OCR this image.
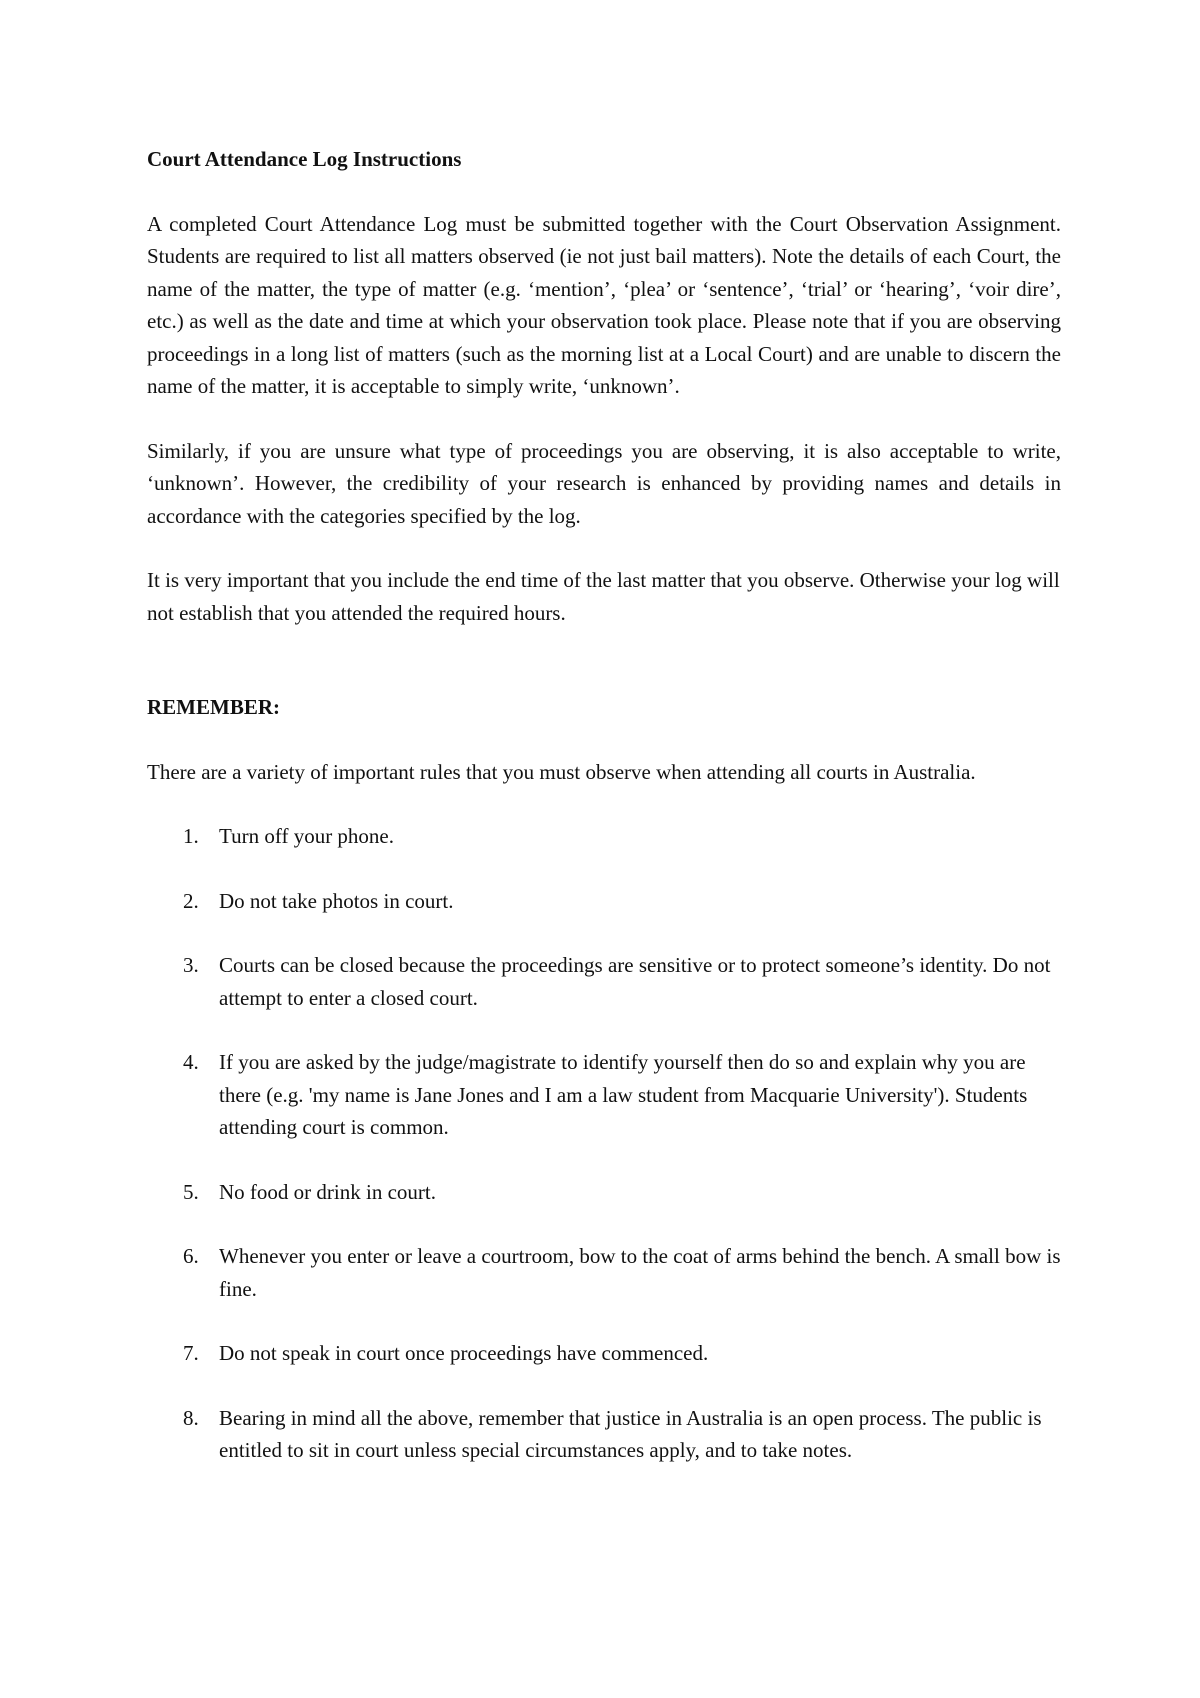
Court Attendance Log Instructions

A completed Court Attendance Log must be submitted together with the Court Observation Assignment. Students are required to list all matters observed (ie not just bail matters). Note the details of each Court, the name of the matter, the type of matter (e.g. ‘mention’, ‘plea’ or ‘sentence’, ‘trial’ or ‘hearing’, ‘voir dire’, etc.) as well as the date and time at which your observation took place. Please note that if you are observing proceedings in a long list of matters (such as the morning list at a Local Court) and are unable to discern the name of the matter, it is acceptable to simply write, ‘unknown’.

Similarly, if you are unsure what type of proceedings you are observing, it is also acceptable to write, ‘unknown’. However, the credibility of your research is enhanced by providing names and details in accordance with the categories specified by the log.

It is very important that you include the end time of the last matter that you observe. Otherwise your log will not establish that you attended the required hours.

REMEMBER:

There are a variety of important rules that you must observe when attending all courts in Australia.

1. Turn off your phone.
2. Do not take photos in court.
3. Courts can be closed because the proceedings are sensitive or to protect someone’s identity. Do not attempt to enter a closed court.
4. If you are asked by the judge/magistrate to identify yourself then do so and explain why you are there (e.g. 'my name is Jane Jones and I am a law student from Macquarie University'). Students attending court is common.
5. No food or drink in court.
6. Whenever you enter or leave a courtroom, bow to the coat of arms behind the bench. A small bow is fine.
7. Do not speak in court once proceedings have commenced.
8. Bearing in mind all the above, remember that justice in Australia is an open process. The public is entitled to sit in court unless special circumstances apply, and to take notes.
